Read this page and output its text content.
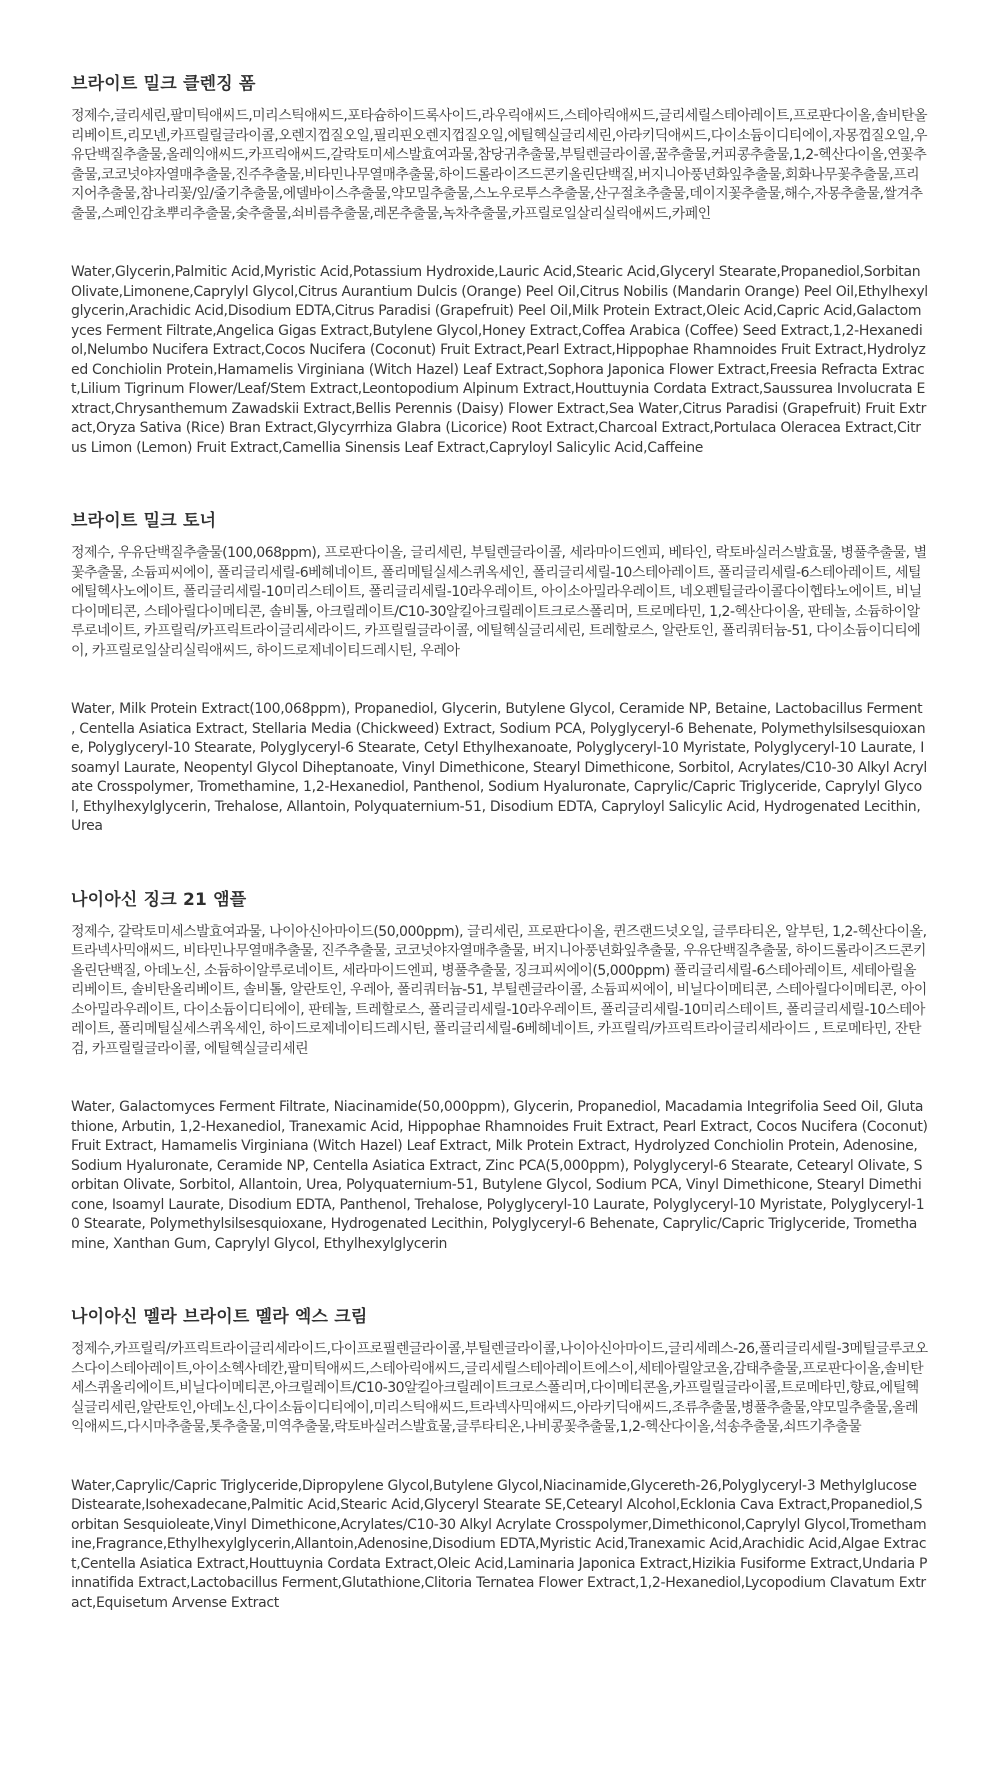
브라이트 밀크 클렌징 폼

정제수,글리세린,팔미틱애씨드,미리스틱애씨드,포타슘하이드록사이드,라우릭애씨드,스테아릭애씨드,글리세릴스테아레이트,프로판다이올,솔비탄올리베이트,리모넨,카프릴릴글라이콜,오렌지껍질오일,필리핀오렌지껍질오일,에틸헥실글리세린,아라키딕애씨드,다이소듐이디티에이,자몽껍질오일,우유단백질추출물,올레익애씨드,카프릭애씨드,갈락토미세스발효여과물,참당귀추출물,부틸렌글라이콜,꿀추출물,커피콩추출물,1,2-헥산다이올,연꽃추출물,코코넛야자열매추출물,진주추출물,비타민나무열매추출물,하이드롤라이즈드콘키올린단백질,버지니아풍년화잎추출물,회화나무꽃추출물,프리지어추출물,참나리꽃/잎/줄기추출물,에델바이스추출물,약모밀추출물,스노우로투스추출물,산구절초추출물,데이지꽃추출물,해수,자몽추출물,쌀겨추출물,스페인감초뿌리추출물,숯추출물,쇠비름추출물,레몬추출물,녹차추출물,카프릴로일살리실릭애씨드,카페인

Water,Glycerin,Palmitic Acid,Myristic Acid,Potassium Hydroxide,Lauric Acid,Stearic Acid,Glyceryl Stearate,Propanediol,Sorbitan Olivate,Limonene,Caprylyl Glycol,Citrus Aurantium Dulcis (Orange) Peel Oil,Citrus Nobilis (Mandarin Orange) Peel Oil,Ethylhexylglycerin,Arachidic Acid,Disodium EDTA,Citrus Paradisi (Grapefruit) Peel Oil,Milk Protein Extract,Oleic Acid,Capric Acid,Galactomyces Ferment Filtrate,Angelica Gigas Extract,Butylene Glycol,Honey Extract,Coffea Arabica (Coffee) Seed Extract,1,2-Hexanediol,Nelumbo Nucifera Extract,Cocos Nucifera (Coconut) Fruit Extract,Pearl Extract,Hippophae Rhamnoides Fruit Extract,Hydrolyzed Conchiolin Protein,Hamamelis Virginiana (Witch Hazel) Leaf Extract,Sophora Japonica Flower Extract,Freesia Refracta Extract,Lilium Tigrinum Flower/Leaf/Stem Extract,Leontopodium Alpinum Extract,Houttuynia Cordata Extract,Saussurea Involucrata Extract,Chrysanthemum Zawadskii Extract,Bellis Perennis (Daisy) Flower Extract,Sea Water,Citrus Paradisi (Grapefruit) Fruit Extract,Oryza Sativa (Rice) Bran Extract,Glycyrrhiza Glabra (Licorice) Root Extract,Charcoal Extract,Portulaca Oleracea Extract,Citrus Limon (Lemon) Fruit Extract,Camellia Sinensis Leaf Extract,Capryloyl Salicylic Acid,Caffeine

브라이트 밀크 토너

정제수, 우유단백질추출물(100,068ppm), 프로판다이올, 글리세린, 부틸렌글라이콜, 세라마이드엔피, 베타인, 락토바실러스발효물, 병풀추출물, 별꽃추출물, 소듐피씨에이, 폴리글리세릴-6베헤네이트, 폴리메틸실세스퀴옥세인, 폴리글리세릴-10스테아레이트, 폴리글리세릴-6스테아레이트, 세틸에틸헥사노에이트, 폴리글리세릴-10미리스테이트, 폴리글리세릴-10라우레이트, 아이소아밀라우레이트, 네오펜틸글라이콜다이헵타노에이트, 비닐다이메티콘, 스테아릴다이메티콘, 솔비톨, 아크릴레이트/C10-30알킬아크릴레이트크로스폴리머, 트로메타민, 1,2-헥산다이올, 판테놀, 소듐하이알루로네이트, 카프릴릭/카프릭트라이글리세라이드, 카프릴릴글라이콜, 에틸헥실글리세린, 트레할로스, 알란토인, 폴리쿼터늄-51, 다이소듐이디티에이, 카프릴로일살리실릭애씨드, 하이드로제네이티드레시틴, 우레아

Water, Milk Protein Extract(100,068ppm), Propanediol, Glycerin, Butylene Glycol, Ceramide NP, Betaine, Lactobacillus Ferment , Centella Asiatica Extract, Stellaria Media (Chickweed) Extract, Sodium PCA, Polyglyceryl-6 Behenate, Polymethylsilsesquioxane, Polyglyceryl-10 Stearate, Polyglyceryl-6 Stearate, Cetyl Ethylhexanoate, Polyglyceryl-10 Myristate, Polyglyceryl-10 Laurate, Isoamyl Laurate, Neopentyl Glycol Diheptanoate, Vinyl Dimethicone, Stearyl Dimethicone, Sorbitol, Acrylates/C10-30 Alkyl Acrylate Crosspolymer, Tromethamine, 1,2-Hexanediol, Panthenol, Sodium Hyaluronate, Caprylic/Capric Triglyceride, Caprylyl Glycol, Ethylhexylglycerin, Trehalose, Allantoin, Polyquaternium-51, Disodium EDTA, Capryloyl Salicylic Acid, Hydrogenated Lecithin, Urea

나이아신 징크 21 앰플

정제수, 갈락토미세스발효여과물, 나이아신아마이드(50,000ppm), 글리세린, 프로판다이올, 퀸즈랜드넛오일, 글루타티온, 알부틴, 1,2-헥산다이올, 트라넥사믹애씨드, 비타민나무열매추출물, 진주추출물, 코코넛야자열매추출물, 버지니아풍년화잎추출물, 우유단백질추출물, 하이드롤라이즈드콘키올린단백질, 아데노신, 소듐하이알루로네이트, 세라마이드엔피, 병풀추출물, 징크피씨에이(5,000ppm) 폴리글리세릴-6스테아레이트, 세테아릴올리베이트, 솔비탄올리베이트, 솔비톨, 알란토인, 우레아, 폴리쿼터늄-51, 부틸렌글라이콜, 소듐피씨에이, 비닐다이메티콘, 스테아릴다이메티콘, 아이소아밀라우레이트, 다이소듐이디티에이, 판테놀, 트레할로스, 폴리글리세릴-10라우레이트, 폴리글리세릴-10미리스테이트, 폴리글리세릴-10스테아레이트, 폴리메틸실세스퀴옥세인, 하이드로제네이티드레시틴, 폴리글리세릴-6베헤네이트, 카프릴릭/카프릭트라이글리세라이드 , 트로메타민, 잔탄검, 카프릴릴글라이콜, 에틸헥실글리세린

Water, Galactomyces Ferment Filtrate, Niacinamide(50,000ppm), Glycerin, Propanediol, Macadamia Integrifolia Seed Oil, Glutathione, Arbutin, 1,2-Hexanediol, Tranexamic Acid, Hippophae Rhamnoides Fruit Extract, Pearl Extract, Cocos Nucifera (Coconut) Fruit Extract, Hamamelis Virginiana (Witch Hazel) Leaf Extract, Milk Protein Extract, Hydrolyzed Conchiolin Protein, Adenosine, Sodium Hyaluronate, Ceramide NP, Centella Asiatica Extract, Zinc PCA(5,000ppm), Polyglyceryl-6 Stearate, Cetearyl Olivate, Sorbitan Olivate, Sorbitol, Allantoin, Urea, Polyquaternium-51, Butylene Glycol, Sodium PCA, Vinyl Dimethicone, Stearyl Dimethicone, Isoamyl Laurate, Disodium EDTA, Panthenol, Trehalose, Polyglyceryl-10 Laurate, Polyglyceryl-10 Myristate, Polyglyceryl-10 Stearate, Polymethylsilsesquioxane, Hydrogenated Lecithin, Polyglyceryl-6 Behenate, Caprylic/Capric Triglyceride, Tromethamine, Xanthan Gum, Caprylyl Glycol, Ethylhexylglycerin

나이아신 멜라 브라이트 멜라 엑스 크림

정제수,카프릴릭/카프릭트라이글리세라이드,다이프로필렌글라이콜,부틸렌글라이콜,나이아신아마이드,글리세레스-26,폴리글리세릴-3메틸글루코오스다이스테아레이트,아이소헥사데칸,팔미틱애씨드,스테아릭애씨드,글리세릴스테아레이트에스이,세테아릴알코올,감태추출물,프로판다이올,솔비탄세스퀴올리에이트,비닐다이메티콘,아크릴레이트/C10-30알킬아크릴레이트크로스폴리머,다이메티콘올,카프릴릴글라이콜,트로메타민,향료,에틸헥실글리세린,알란토인,아데노신,다이소듐이디티에이,미리스틱애씨드,트라넥사믹애씨드,아라키딕애씨드,조류추출물,병풀추출물,약모밀추출물,올레익애씨드,다시마추출물,톳추출물,미역추출물,락토바실러스발효물,글루타티온,나비콩꽃추출물,1,2-헥산다이올,석송추출물,쇠뜨기추출물

Water,Caprylic/Capric Triglyceride,Dipropylene Glycol,Butylene Glycol,Niacinamide,Glycereth-26,Polyglyceryl-3 Methylglucose Distearate,Isohexadecane,Palmitic Acid,Stearic Acid,Glyceryl Stearate SE,Cetearyl Alcohol,Ecklonia Cava Extract,Propanediol,Sorbitan Sesquioleate,Vinyl Dimethicone,Acrylates/C10-30 Alkyl Acrylate Crosspolymer,Dimethiconol,Caprylyl Glycol,Tromethamine,Fragrance,Ethylhexylglycerin,Allantoin,Adenosine,Disodium EDTA,Myristic Acid,Tranexamic Acid,Arachidic Acid,Algae Extract,Centella Asiatica Extract,Houttuynia Cordata Extract,Oleic Acid,Laminaria Japonica Extract,Hizikia Fusiforme Extract,Undaria Pinnatifida Extract,Lactobacillus Ferment,Glutathione,Clitoria Ternatea Flower Extract,1,2-Hexanediol,Lycopodium Clavatum Extract,Equisetum Arvense Extract
